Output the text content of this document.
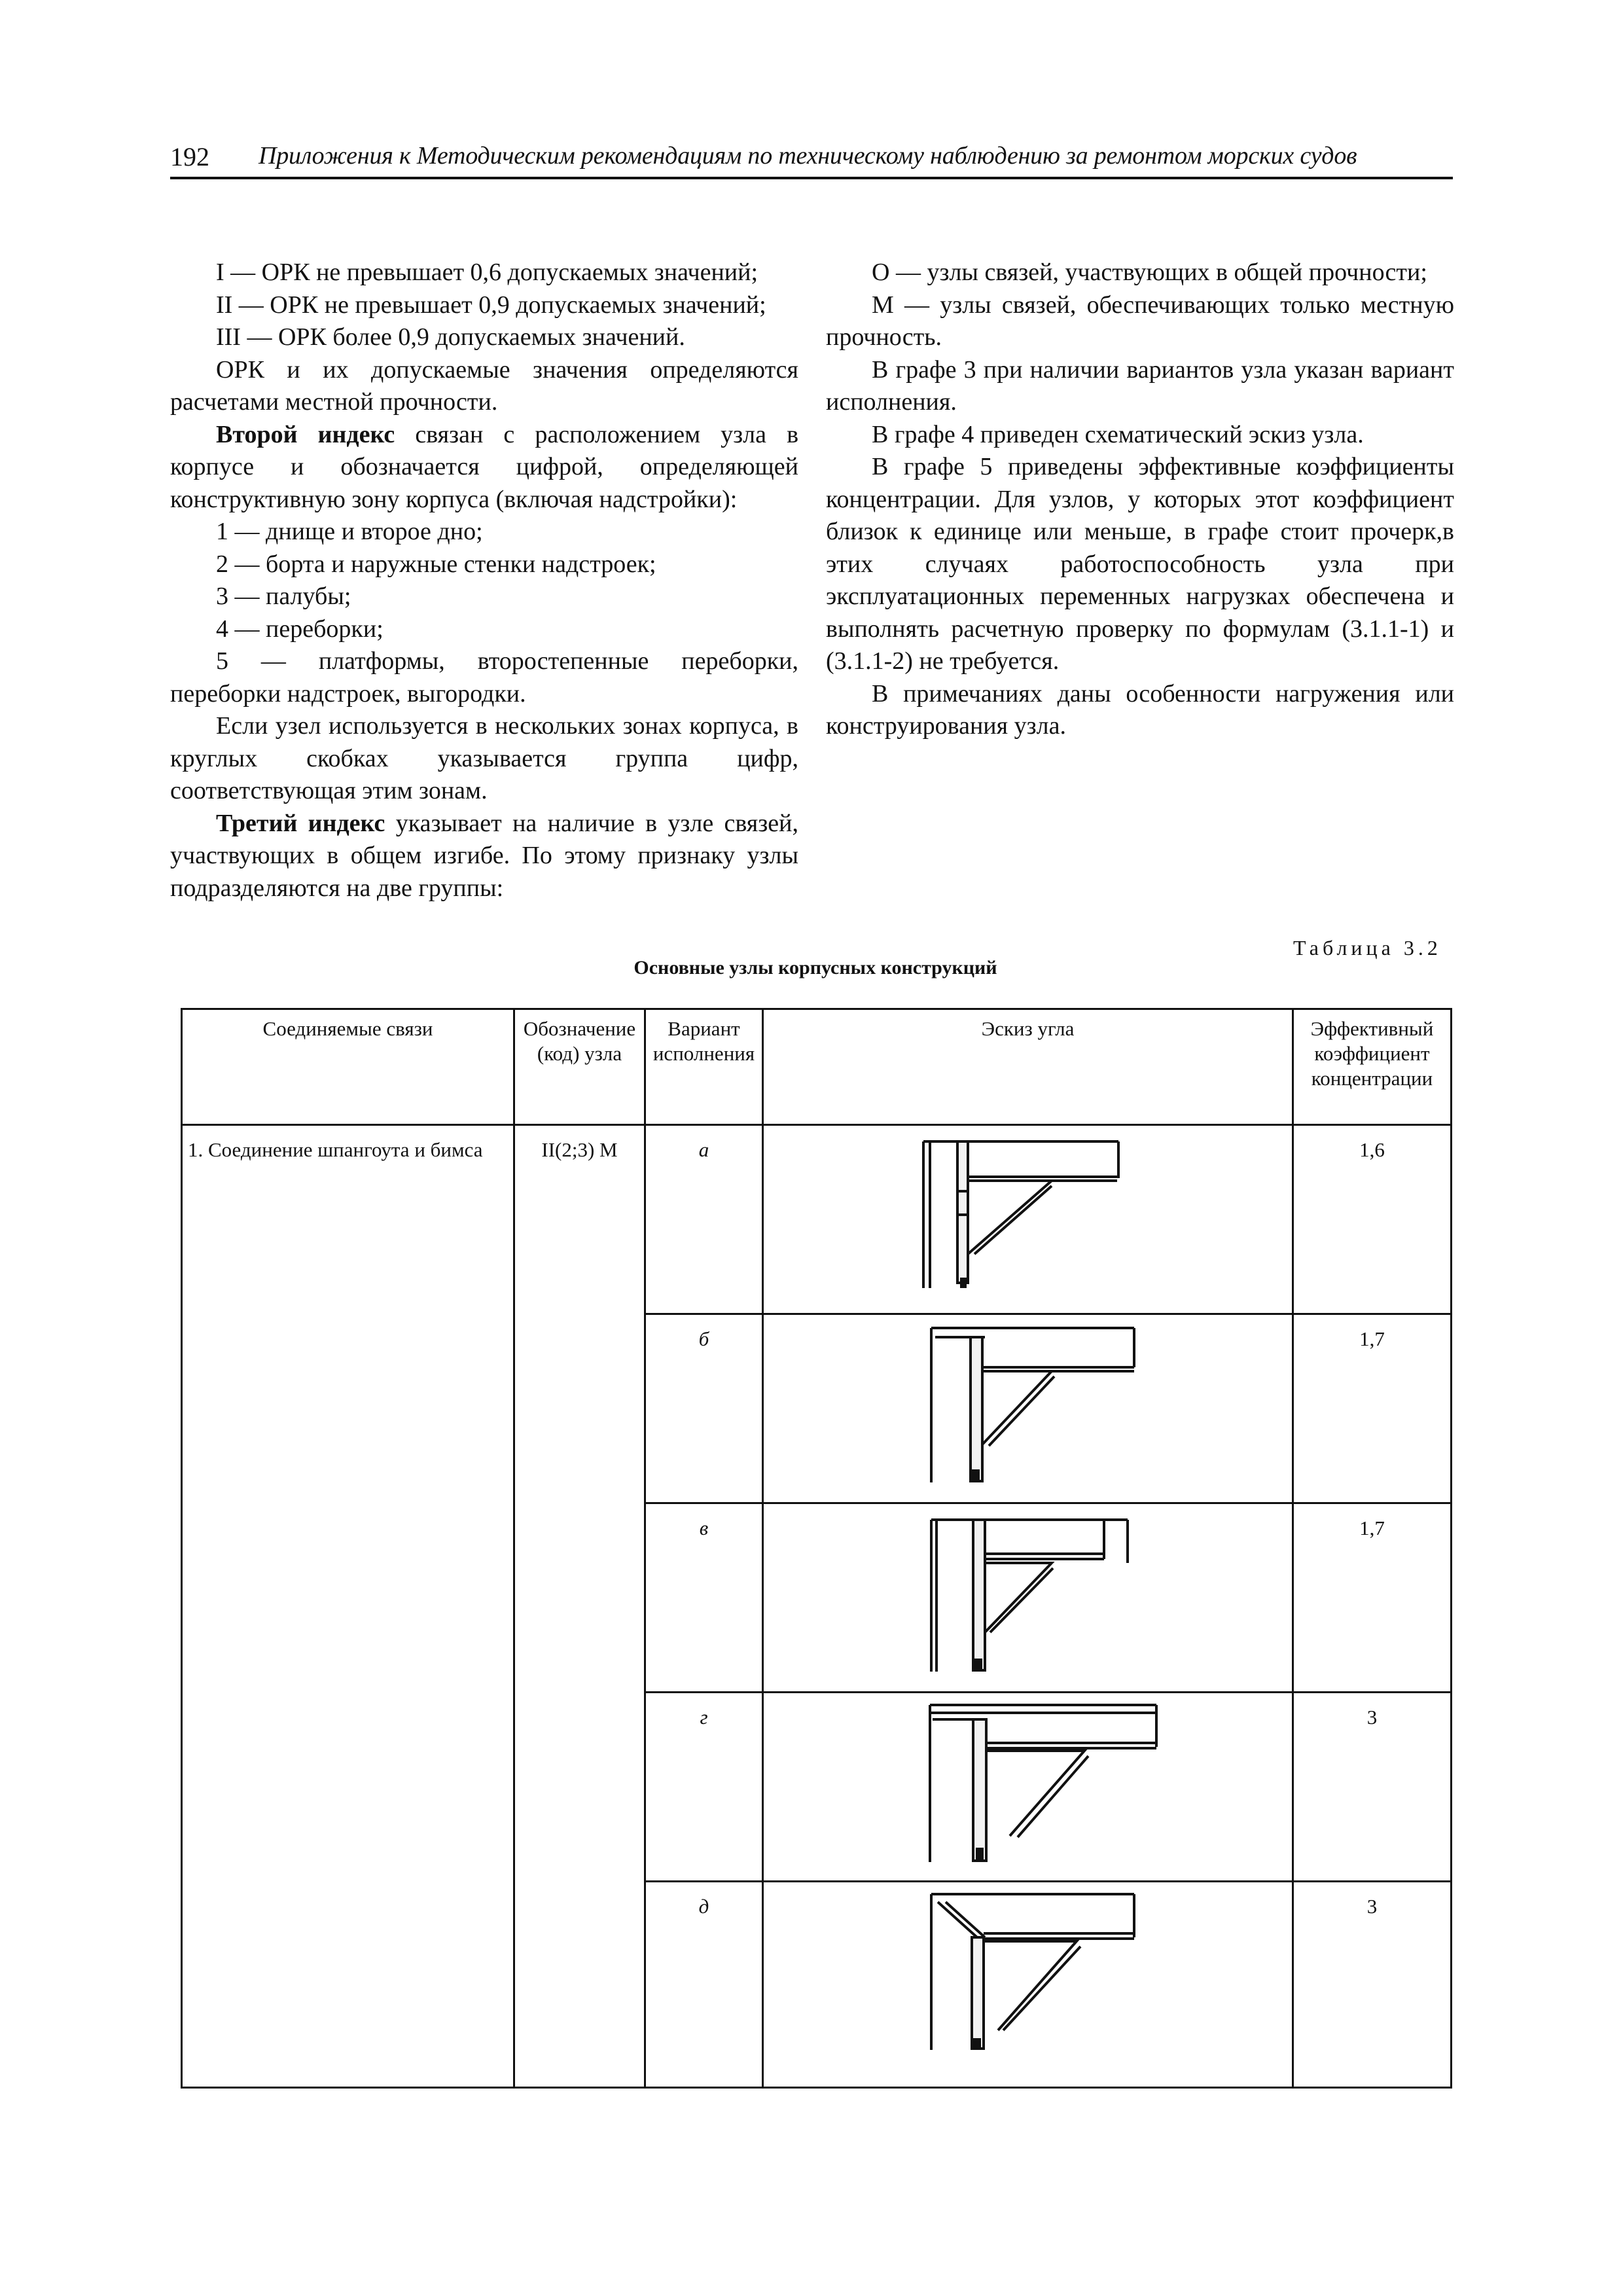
192 Приложения к Методическим рекомендациям по техническому наблюдению за ремонтом морских судов

I — ОРК не превышает 0,6 допускаемых значений;

II — ОРК не превышает 0,9 допускаемых значений;

III — ОРК более 0,9 допускаемых значений.

ОРК и их допускаемые значения определяются расчетами местной прочности.

Второй индекс связан с расположением узла в корпусе и обозначается цифрой, определяющей конструктивную зону корпуса (включая надстройки):

1 — днище и второе дно;

2 — борта и наружные стенки надстроек;

3 — палубы;

4 — переборки;

5 — платформы, второстепенные переборки, переборки надстроек, выгородки.

Если узел используется в нескольких зонах корпуса, в круглых скобках указывается группа цифр, соответствующая этим зонам.

Третий индекс указывает на наличие в узле связей, участвующих в общем изгибе. По этому признаку узлы подразделяются на две группы:

О — узлы связей, участвующих в общей прочности;

М — узлы связей, обеспечивающих только местную прочность.

В графе 3 при наличии вариантов узла указан вариант исполнения.

В графе 4 приведен схематический эскиз узла.

В графе 5 приведены эффективные коэффициенты концентрации. Для узлов, у которых этот коэффициент близок к единице или меньше, в графе стоит прочерк,в этих случаях работоспособность узла при эксплуатационных переменных нагрузках обеспечена и выполнять расчетную проверку по формулам (3.1.1-1) и (3.1.1-2) не требуется.

В примечаниях даны особенности нагружения или конструирования узла.

Таблица 3.2
Основные узлы корпусных конструкций
Соединяемые связи	Обозначение (код) узла	Вариант исполнения	Эскиз угла	Эффективный коэффициент концентрации
1. Соединение шпангоута и бимса	II(2;3) М	а		1,6
		б		1,7
		в		1,7
		г		3
		д		3
